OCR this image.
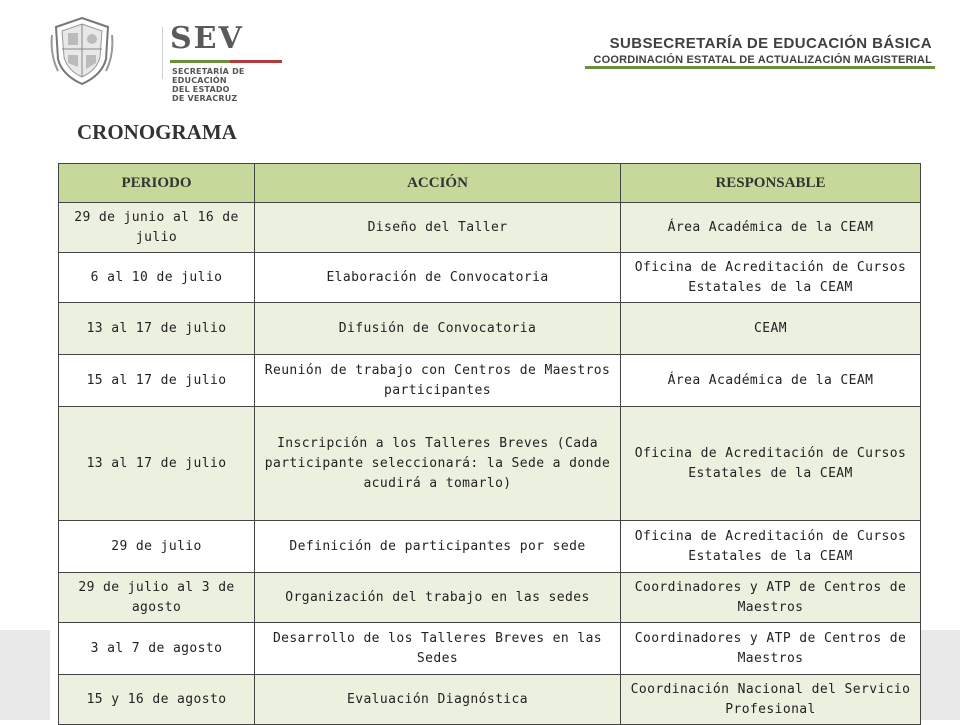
SEV
SECRETARÍA DE EDUCACIÓN
DEL ESTADO DE VERACRUZ
SUBSECRETARÍA DE EDUCACIÓN BÁSICA
COORDINACIÓN ESTATAL DE ACTUALIZACIÓN MAGISTERIAL
CRONOGRAMA
PERIODO	ACCIÓN	RESPONSABLE
29 de junio al 16 de julio	Diseño del Taller	Área Académica de la CEAM
6 al 10 de julio	Elaboración de Convocatoria	Oficina de Acreditación de Cursos Estatales de la CEAM
13 al 17 de julio	Difusión de Convocatoria	CEAM
15 al 17 de julio	Reunión de trabajo con Centros de Maestros participantes	Área Académica de la CEAM
13 al 17 de julio	Inscripción a los Talleres Breves (Cada participante seleccionará: la Sede a donde acudirá a tomarlo)	Oficina de Acreditación de Cursos Estatales de la CEAM
29 de julio	Definición de participantes por sede	Oficina de Acreditación de Cursos Estatales de la CEAM
29 de julio al 3 de agosto	Organización del trabajo en las sedes	Coordinadores y ATP de Centros de Maestros
3 al 7 de agosto	Desarrollo de los Talleres Breves en las Sedes	Coordinadores y ATP de Centros de Maestros
15 y 16 de agosto	Evaluación Diagnóstica	Coordinación Nacional del Servicio Profesional
